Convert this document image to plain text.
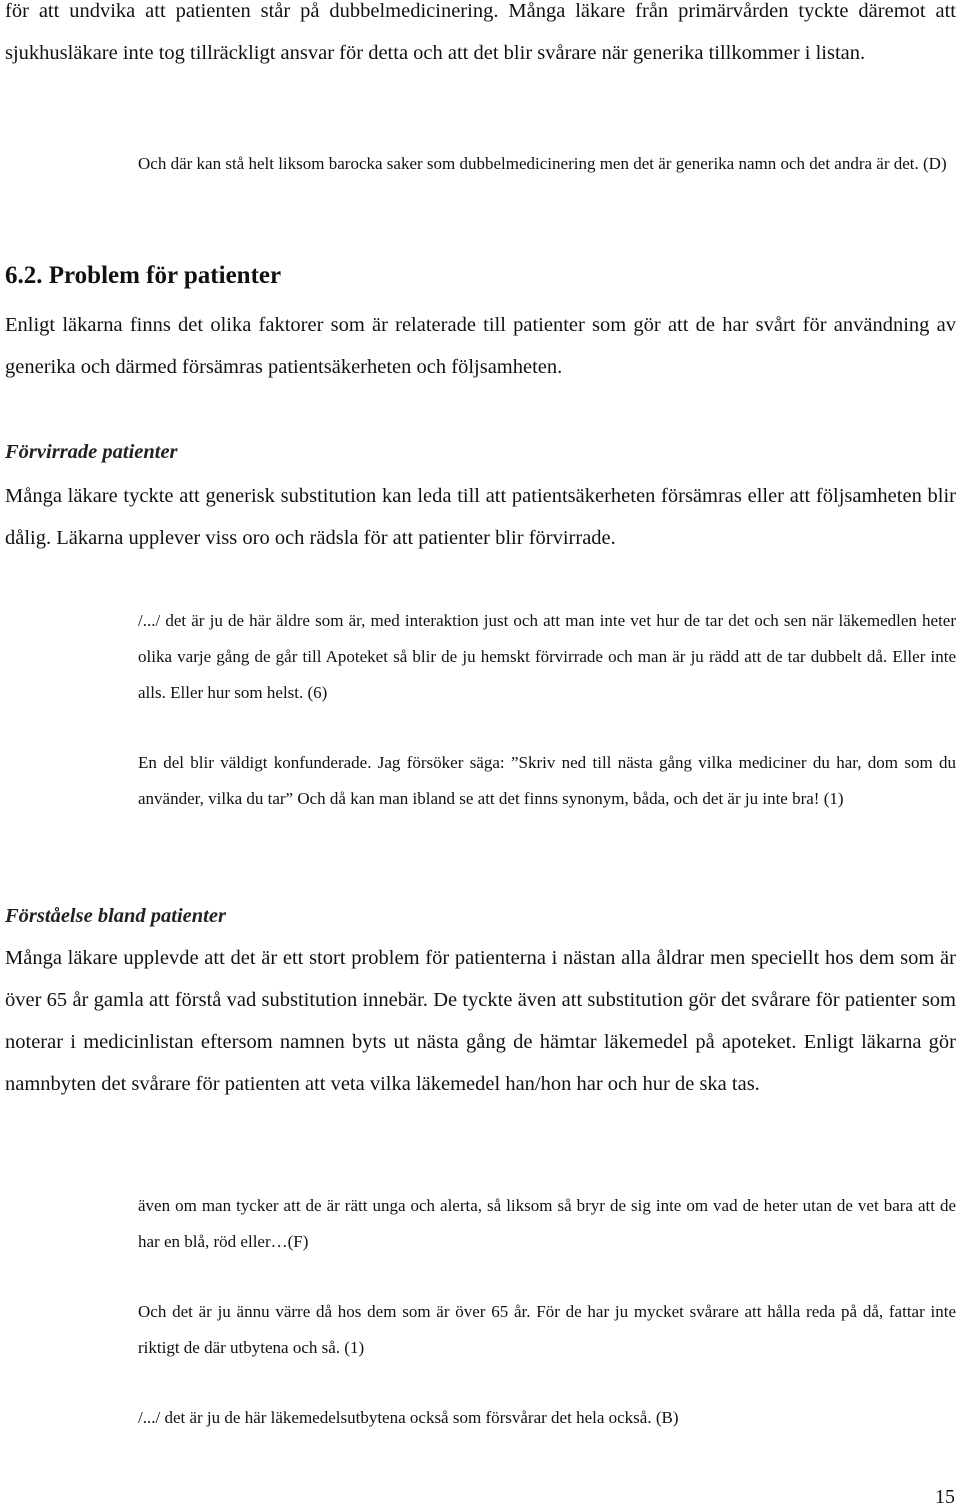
för att undvika att patienten står på dubbelmedicinering. Många läkare från primärvården tyckte däremot att sjukhusläkare inte tog tillräckligt ansvar för detta och att det blir svårare när generika tillkommer i listan.

Och där kan stå helt liksom barocka saker som dubbelmedicinering men det är generika namn och det andra är det. (D)

6.2. Problem för patienter

Enligt läkarna finns det olika faktorer som är relaterade till patienter som gör att de har svårt för användning av generika och därmed försämras patientsäkerheten och följsamheten.

Förvirrade patienter

Många läkare tyckte att generisk substitution kan leda till att patientsäkerheten försämras eller att följsamheten blir dålig. Läkarna upplever viss oro och rädsla för att patienter blir förvirrade.

/.../ det är ju de här äldre som är, med interaktion just och att man inte vet hur de tar det och sen när läkemedlen heter olika varje gång de går till Apoteket så blir de ju hemskt förvirrade och man är ju rädd att de tar dubbelt då. Eller inte alls. Eller hur som helst. (6)

En del blir väldigt konfunderade. Jag försöker säga: ”Skriv ned till nästa gång vilka mediciner du har, dom som du använder, vilka du tar” Och då kan man ibland se att det finns synonym, båda, och det är ju inte bra! (1)

Förståelse bland patienter

Många läkare upplevde att det är ett stort problem för patienterna i nästan alla åldrar men speciellt hos dem som är över 65 år gamla att förstå vad substitution innebär. De tyckte även att substitution gör det svårare för patienter som noterar i medicinlistan eftersom namnen byts ut nästa gång de hämtar läkemedel på apoteket. Enligt läkarna gör namnbyten det svårare för patienten att veta vilka läkemedel han/hon har och hur de ska tas.

även om man tycker att de är rätt unga och alerta, så liksom så bryr de sig inte om vad de heter utan de vet bara att de har en blå, röd eller…(F)

Och det är ju ännu värre då hos dem som är över 65 år. För de har ju mycket svårare att hålla reda på då, fattar inte riktigt de där utbytena och så. (1)

/.../ det är ju de här läkemedelsutbytena också som försvårar det hela också. (B)

15
